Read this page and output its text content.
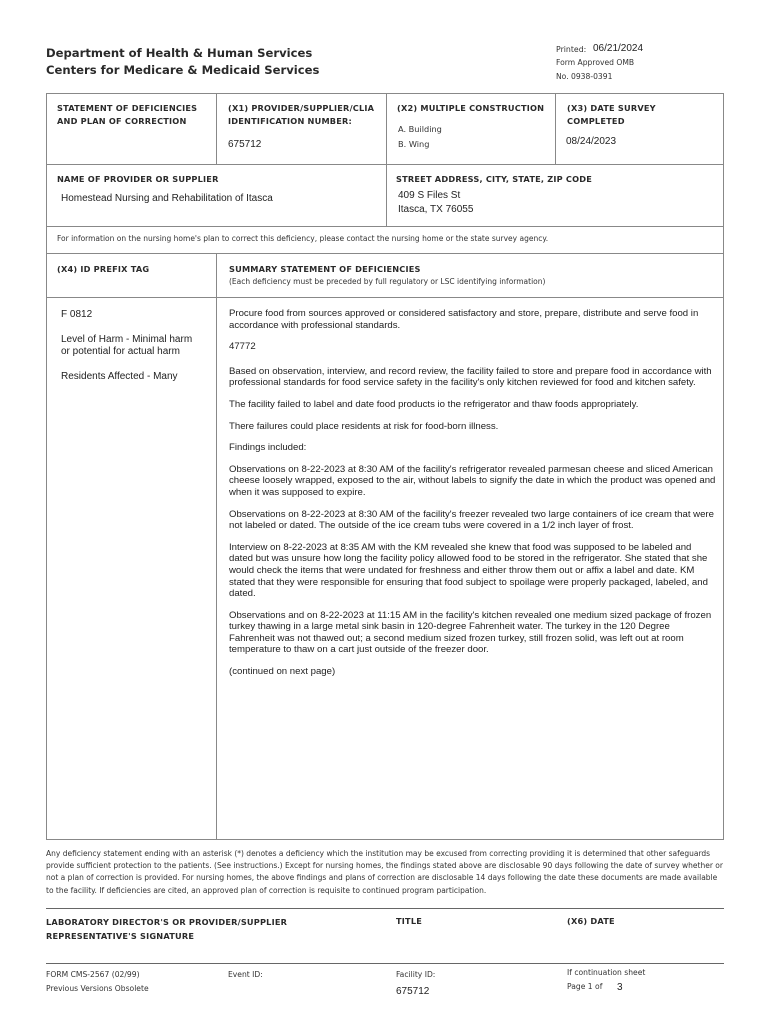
Department of Health & Human Services
Centers for Medicare & Medicaid Services
Printed: 06/21/2024
Form Approved OMB
No. 0938-0391
STATEMENT OF DEFICIENCIES
AND PLAN OF CORRECTION
(X1) PROVIDER/SUPPLIER/CLIA
IDENTIFICATION NUMBER:
675712
(X2) MULTIPLE CONSTRUCTION
A. Building
B. Wing
(X3) DATE SURVEY
COMPLETED
08/24/2023
NAME OF PROVIDER OR SUPPLIER
Homestead Nursing and Rehabilitation of Itasca
STREET ADDRESS, CITY, STATE, ZIP CODE
409 S Files St
Itasca, TX 76055
For information on the nursing home's plan to correct this deficiency, please contact the nursing home or the state survey agency.
(X4) ID PREFIX TAG	SUMMARY STATEMENT OF DEFICIENCIES
(Each deficiency must be preceded by full regulatory or LSC identifying information)
F 0812
Level of Harm - Minimal harm
or potential for actual harm
Residents Affected - Many

Procure food from sources approved or considered satisfactory and store, prepare, distribute and serve food in accordance with professional standards.

47772

Based on observation, interview, and record review, the facility failed to store and prepare food in accordance with professional standards for food service safety in the facility's only kitchen reviewed for food and kitchen safety.

The facility failed to label and date food products io the refrigerator and thaw foods appropriately.

There failures could place residents at risk for food-born illness.

Findings included:

Observations on 8-22-2023 at 8:30 AM of the facility's refrigerator revealed parmesan cheese and sliced American cheese loosely wrapped, exposed to the air, without labels to signify the date in which the product was opened and when it was supposed to expire.

Observations on 8-22-2023 at 8:30 AM of the facility's freezer revealed two large containers of ice cream that were not labeled or dated. The outside of the ice cream tubs were covered in a 1/2 inch layer of frost.

Interview on 8-22-2023 at 8:35 AM with the KM revealed she knew that food was supposed to be labeled and dated but was unsure how long the facility policy allowed food to be stored in the refrigerator. She stated that she would check the items that were undated for freshness and either throw them out or affix a label and date. KM stated that they were responsible for ensuring that food subject to spoilage were properly packaged, labeled, and dated.

Observations and on 8-22-2023 at 11:15 AM in the facility's kitchen revealed one medium sized package of frozen turkey thawing in a large metal sink basin in 120-degree Fahrenheit water. The turkey in the 120 Degree Fahrenheit was not thawed out; a second medium sized frozen turkey, still frozen solid, was left out at room temperature to thaw on a cart just outside of the freezer door.

(continued on next page)

Any deficiency statement ending with an asterisk (*) denotes a deficiency which the institution may be excused from correcting providing it is determined that other safeguards provide sufficient protection to the patients. (See instructions.) Except for nursing homes, the findings stated above are disclosable 90 days following the date of survey whether or not a plan of correction is provided. For nursing homes, the above findings and plans of correction are disclosable 14 days following the date these documents are made available to the facility. If deficiencies are cited, an approved plan of correction is requisite to continued program participation.
LABORATORY DIRECTOR'S OR PROVIDER/SUPPLIER
REPRESENTATIVE'S SIGNATURE
TITLE	(X6) DATE
FORM CMS-2567 (02/99)
Previous Versions Obsolete
Event ID:	Facility ID:
675712
If continuation sheet
Page 1 of 3
